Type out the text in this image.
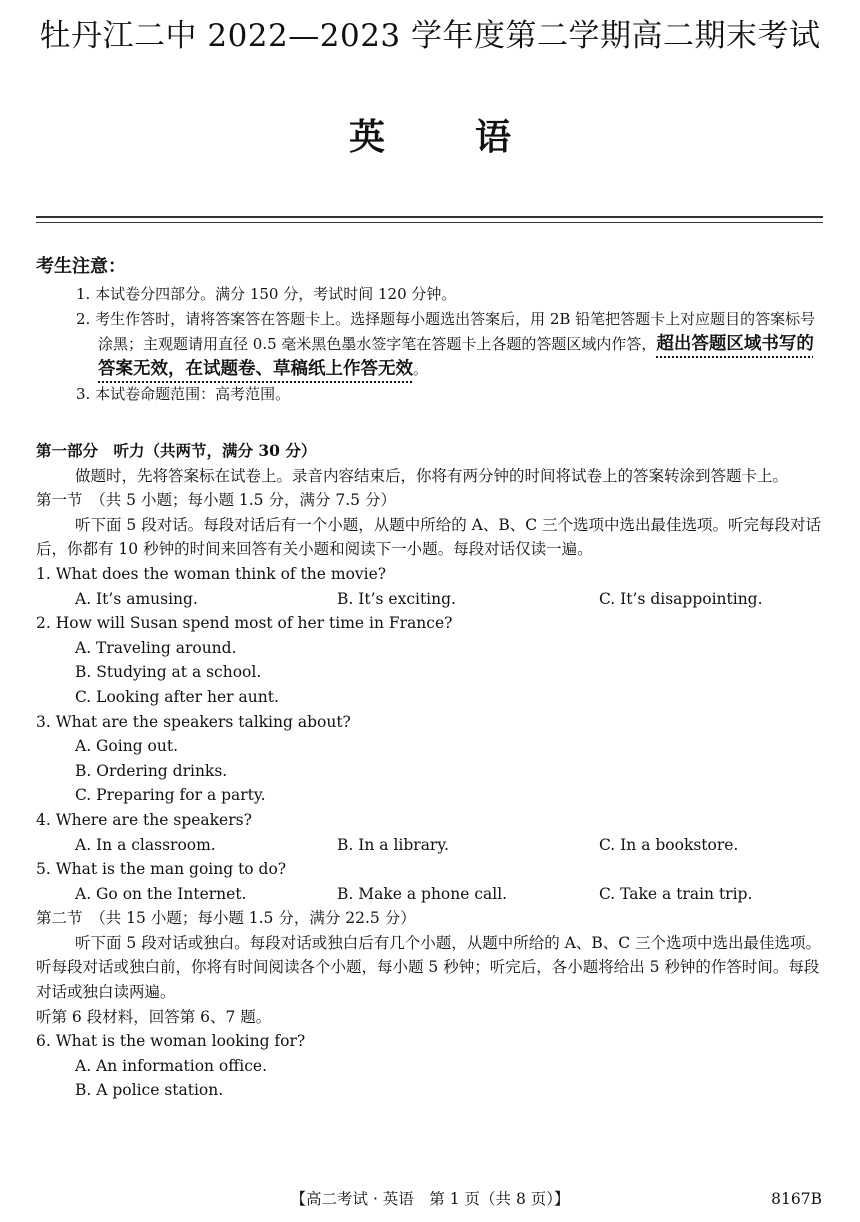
牡丹江二中 2022—2023 学年度第二学期高二期末考试
英语

考生注意：

1. 本试卷分四部分。满分 150 分，考试时间 120 分钟。

2. 考生作答时，请将答案答在答题卡上。选择题每小题选出答案后，用 2B 铅笔把答题卡上对应题目的答案标号涂黑；主观题请用直径 0.5 毫米黑色墨水签字笔在答题卡上各题的答题区域内作答，超出答题区域书写的答案无效，在试题卷、草稿纸上作答无效。

3. 本试卷命题范围：高考范围。

第一部分　听力（共两节，满分 30 分）

做题时，先将答案标在试卷上。录音内容结束后，你将有两分钟的时间将试卷上的答案转涂到答题卡上。

第一节　（共 5 小题；每小题 1.5 分，满分 7.5 分）

听下面 5 段对话。每段对话后有一个小题，从题中所给的 A、B、C 三个选项中选出最佳选项。听完每段对话后，你都有 10 秒钟的时间来回答有关小题和阅读下一小题。每段对话仅读一遍。

1. What does the woman think of the movie?

A. It’s amusing.	B. It’s exciting.	C. It’s disappointing.

2. How will Susan spend most of her time in France?

A. Traveling around.

B. Studying at a school.

C. Looking after her aunt.

3. What are the speakers talking about?

A. Going out.

B. Ordering drinks.

C. Preparing for a party.

4. Where are the speakers?

A. In a classroom.	B. In a library.	C. In a bookstore.

5. What is the man going to do?

A. Go on the Internet.	B. Make a phone call.	C. Take a train trip.

第二节　（共 15 小题；每小题 1.5 分，满分 22.5 分）

听下面 5 段对话或独白。每段对话或独白后有几个小题，从题中所给的 A、B、C 三个选项中选出最佳选项。听每段对话或独白前，你将有时间阅读各个小题，每小题 5 秒钟；听完后，各小题将给出 5 秒钟的作答时间。每段对话或独白读两遍。

听第 6 段材料，回答第 6、7 题。

6. What is the woman looking for?

A. An information office.

B. A police station.

【高二考试 · 英语　第 1 页（共 8 页）】	8167B
